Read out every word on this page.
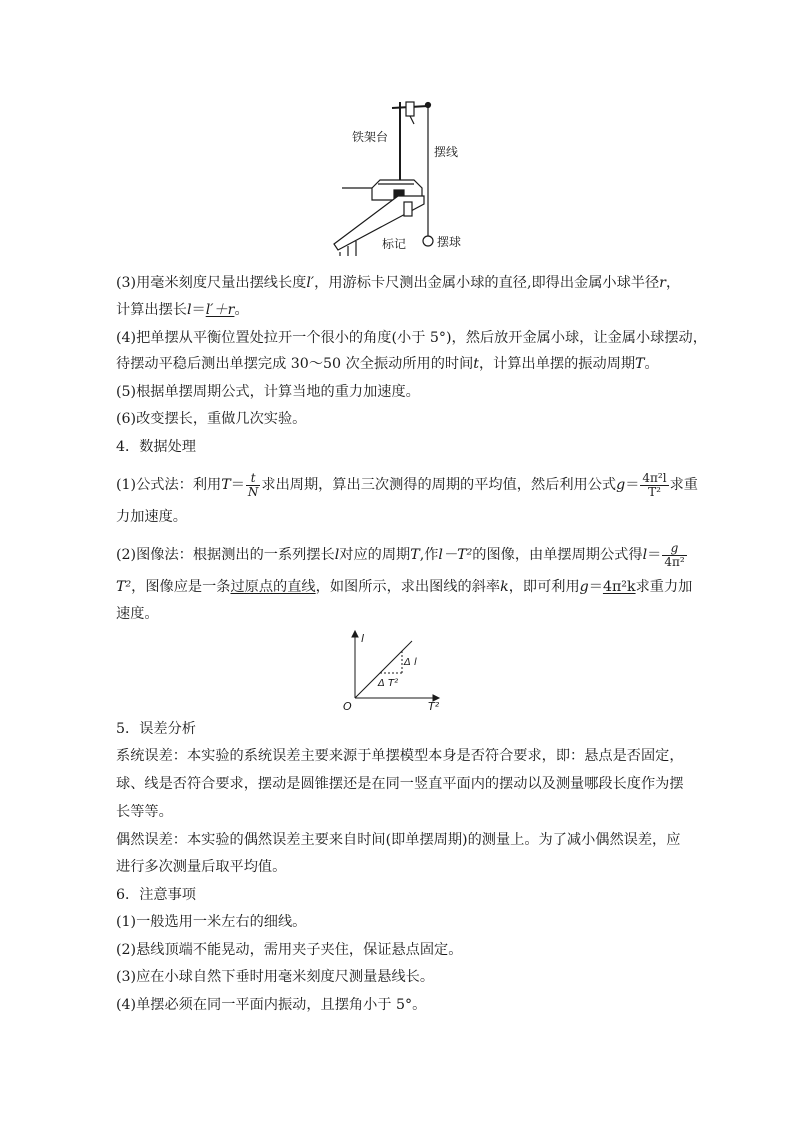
铁架台
摆线
标记	摆球
(3)用毫米刻度尺量出摆线长度l′，用游标卡尺测出金属小球的直径,即得出金属小球半径r，
计算出摆长l＝l′＋r。
(4)把单摆从平衡位置处拉开一个很小的角度(小于 5°)，然后放开金属小球，让金属小球摆动，
待摆动平稳后测出单摆完成 30～50 次全振动所用的时间t，计算出单摆的振动周期T。
(5)根据单摆周期公式，计算当地的重力加速度。
(6)改变摆长，重做几次实验。
4．数据处理
(1)公式法：利用$T= \frac{t}{N}$ 求出周期，算出三次测得的周期的平均值，然后利用公式$g= \frac{\text{4π²l}}{\text{T²}}$ 求重
力加速度。
(2)图像法：根据测出的一系列摆长l对应的周期T,作l－T²的图像，由单摆周期公式得$l= \frac{g}{\text{4π²}}$
T²，图像应是一条过原点的直线，如图所示，求出图线的斜率k，即可利用g＝4π²k求重力加
速度。
l
T²
O
Δ l
Δ T²
5．误差分析
系统误差：本实验的系统误差主要来源于单摆模型本身是否符合要求，即：悬点是否固定，
球、线是否符合要求，摆动是圆锥摆还是在同一竖直平面内的摆动以及测量哪段长度作为摆
长等等。
偶然误差：本实验的偶然误差主要来自时间(即单摆周期)的测量上。为了减小偶然误差，应
进行多次测量后取平均值。
6．注意事项
(1)一般选用一米左右的细线。
(2)悬线顶端不能晃动，需用夹子夹住，保证悬点固定。
(3)应在小球自然下垂时用毫米刻度尺测量悬线长。
(4)单摆必须在同一平面内振动，且摆角小于 5°。
